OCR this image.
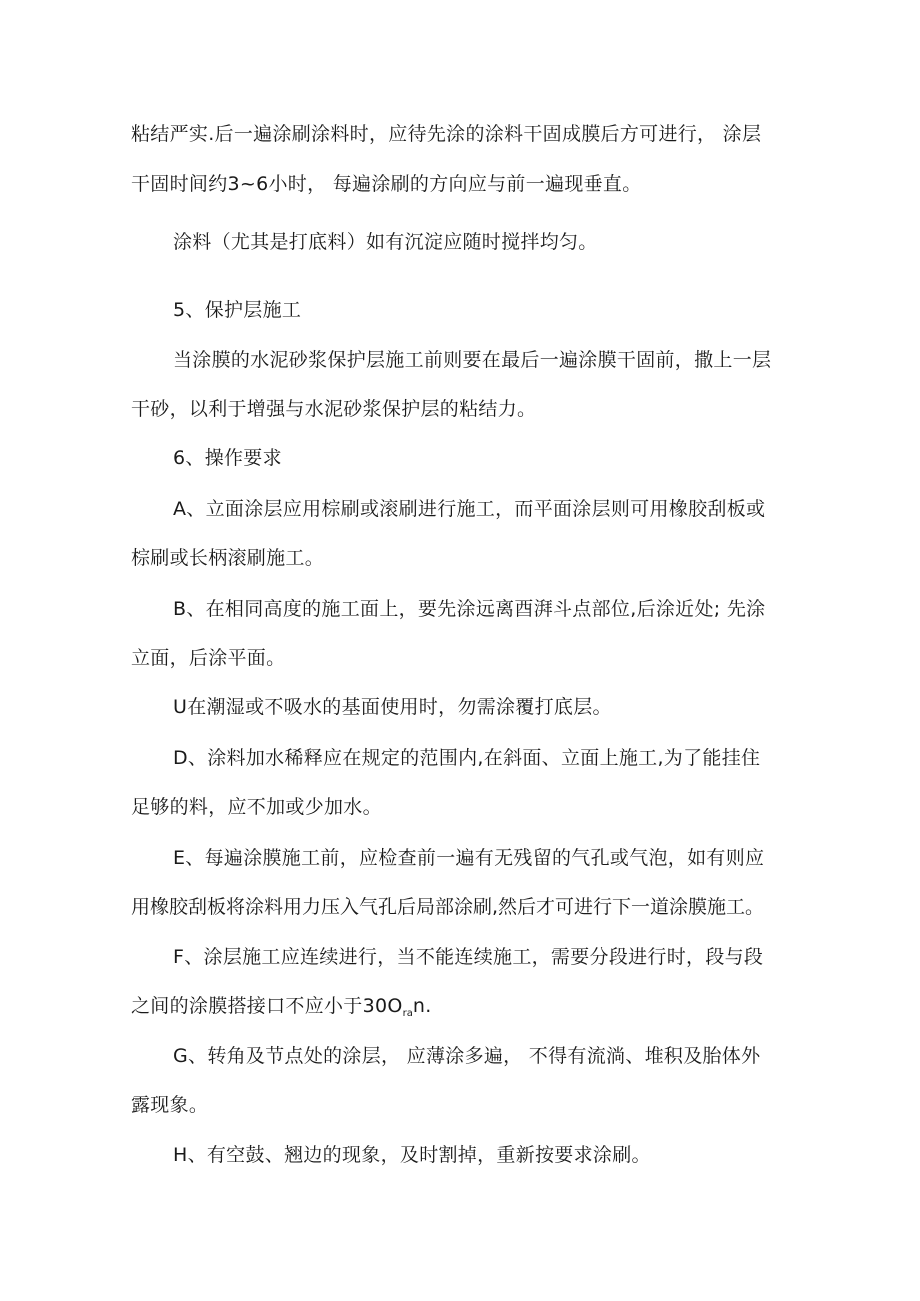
粘结严实.后一遍涂刷涂料时，应待先涂的涂料干固成膜后方可进行， 涂层
干固时间约3~6小时， 每遍涂刷的方向应与前一遍现垂直。
涂料（尤其是打底料）如有沉淀应随时搅拌均匀。
5、保护层施工
当涂膜的水泥砂浆保护层施工前则要在最后一遍涂膜干固前，撒上一层
干砂，以利于增强与水泥砂浆保护层的粘结力。
6、操作要求
A、立面涂层应用棕刷或滚刷进行施工，而平面涂层则可用橡胶刮板或
棕刷或长柄滚刷施工。
B、在相同高度的施工面上，要先涂远离酉湃斗点部位,后涂近处; 先涂
立面，后涂平面。
U在潮湿或不吸水的基面使用时，勿需涂覆打底层。
D、涂料加水稀释应在规定的范围内,在斜面、立面上施工,为了能挂住
足够的料，应不加或少加水。
E、每遍涂膜施工前，应检查前一遍有无残留的气孔或气泡，如有则应
用橡胶刮板将涂料用力压入气孔后局部涂刷,然后才可进行下一道涂膜施工。
F、涂层施工应连续进行，当不能连续施工，需要分段进行时，段与段
之间的涂膜搭接口不应小于$30O_{ra}n$.
G、转角及节点处的涂层， 应薄涂多遍， 不得有流淌、堆积及胎体外
露现象。
H、有空鼓、翘边的现象，及时割掉，重新按要求涂刷。
